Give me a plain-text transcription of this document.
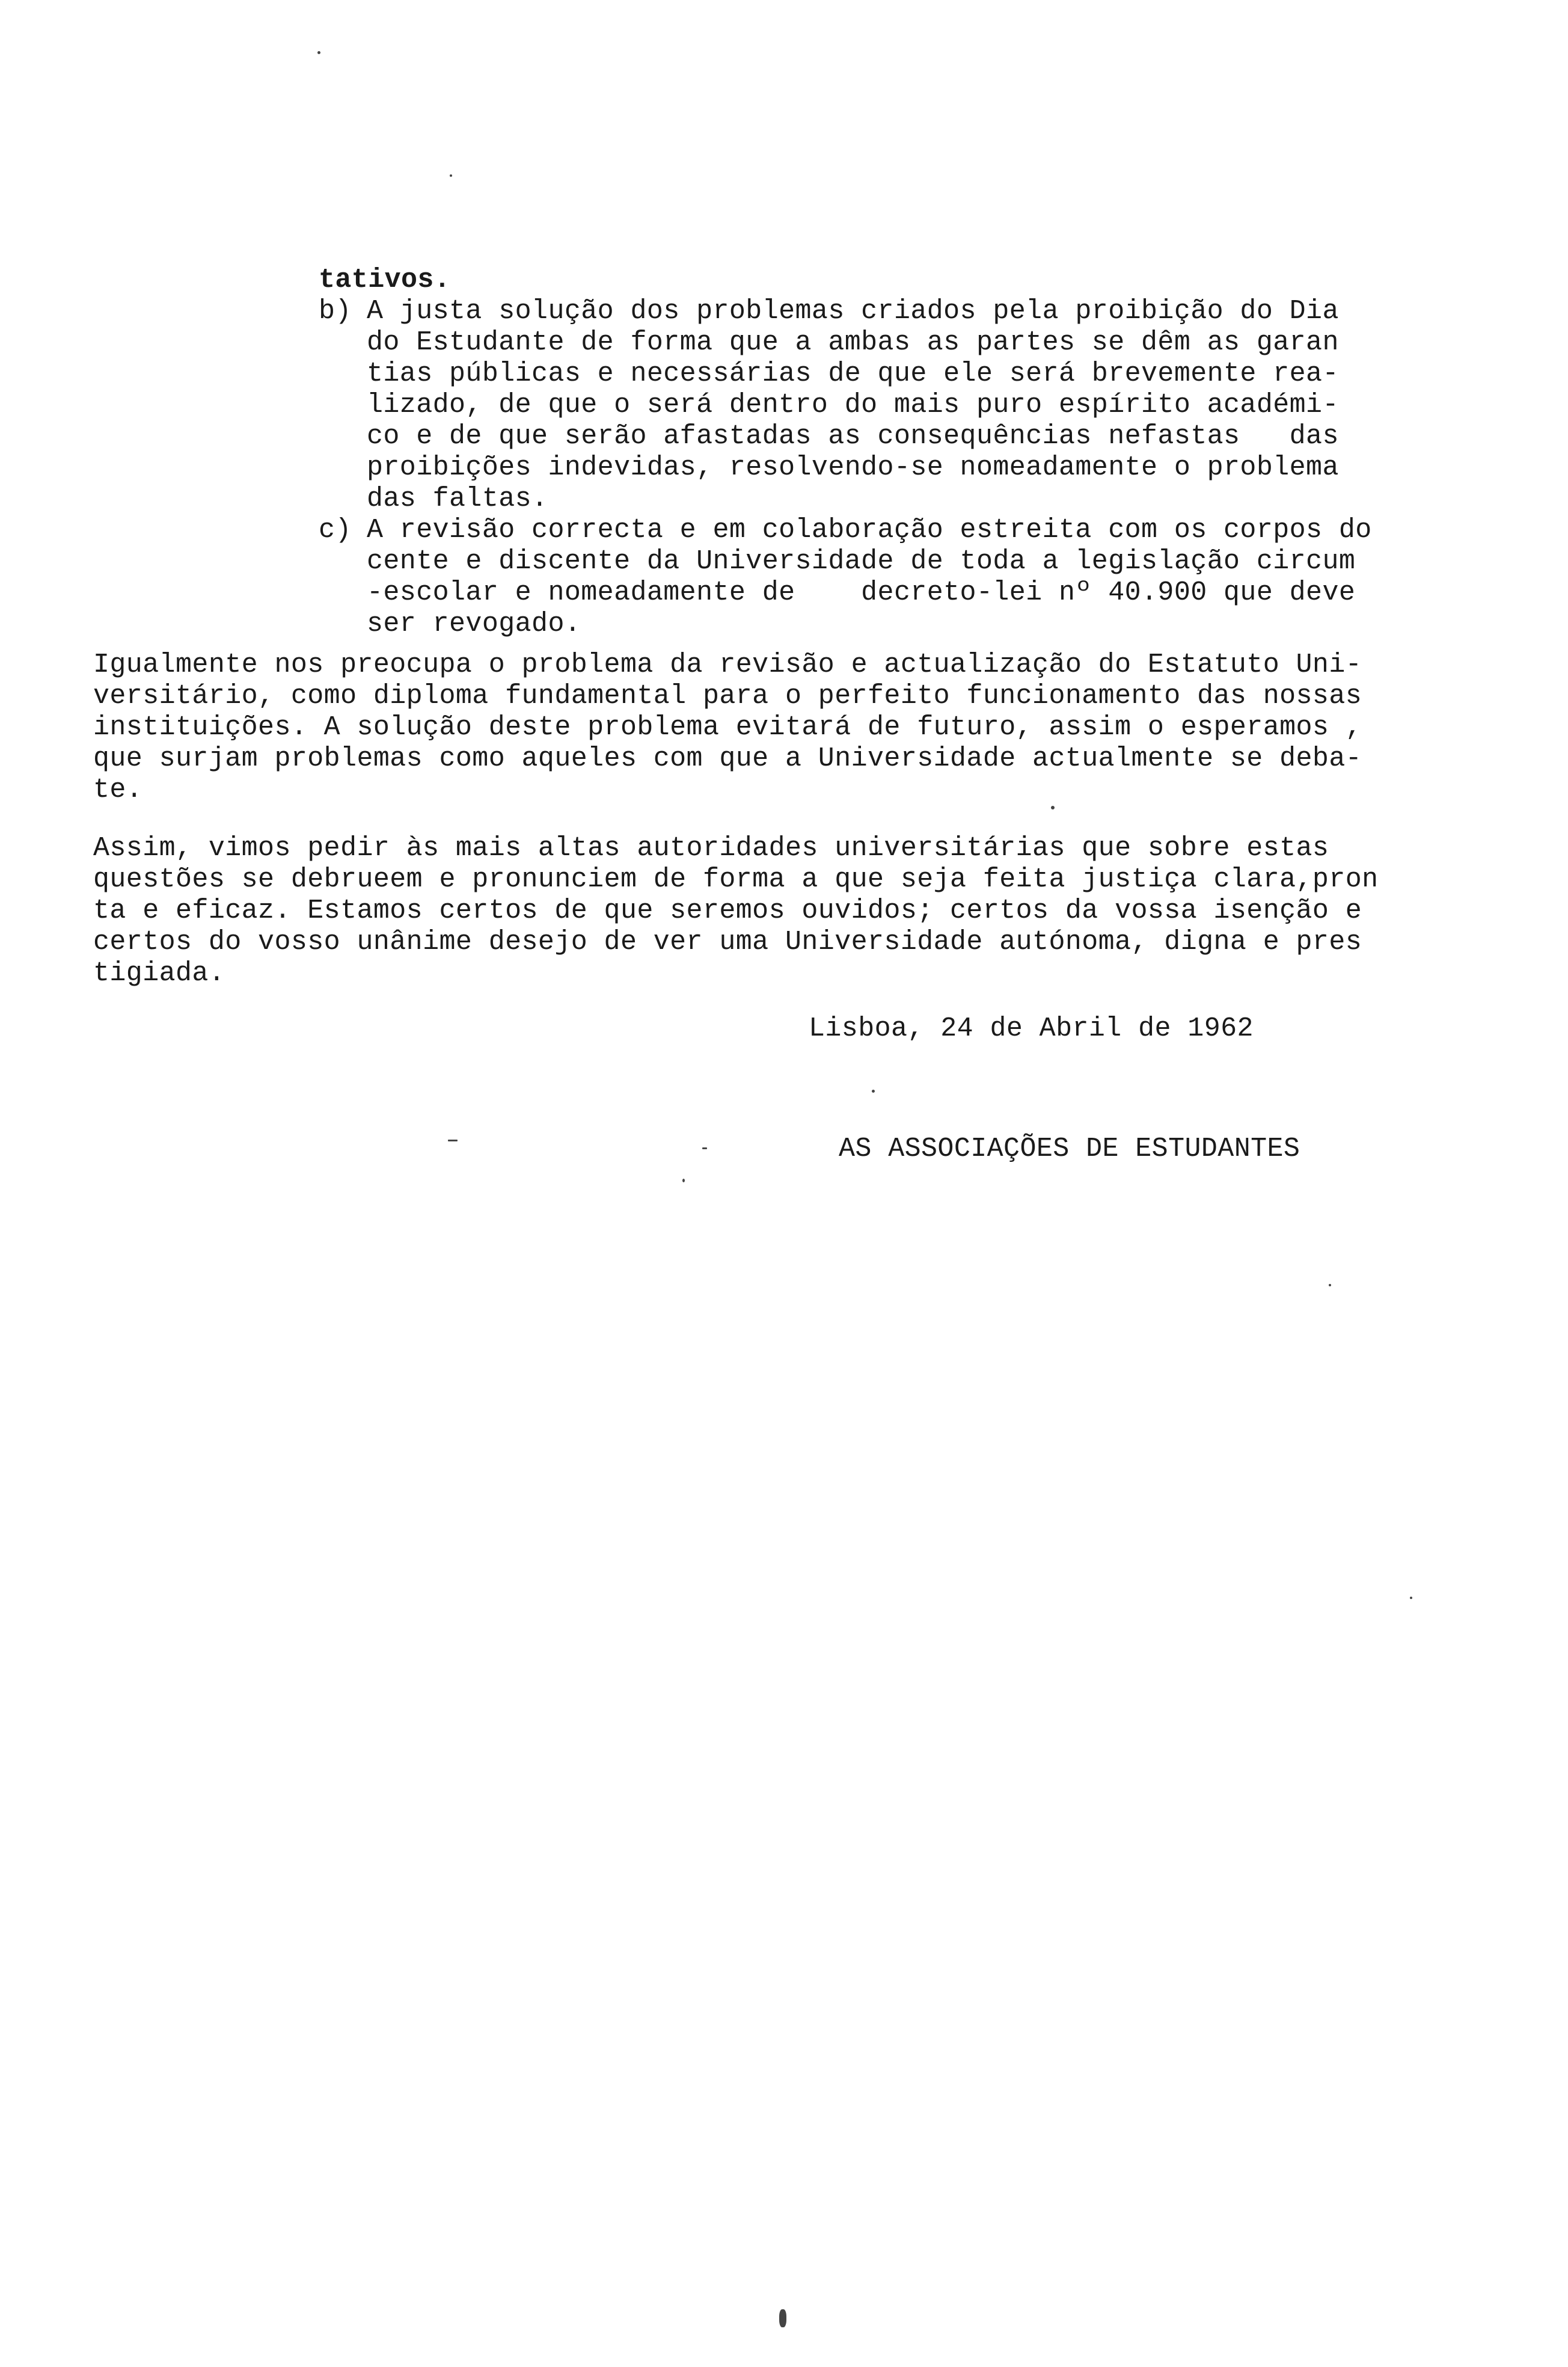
tativos.
b) A justa solução dos problemas criados pela proibição do Dia
do Estudante de forma que a ambas as partes se dêm as garan
tias públicas e necessárias de que ele será brevemente rea-
lizado, de que o será dentro do mais puro espírito académi-
co e de que serão afastadas as consequências nefastas   das
proibições indevidas, resolvendo-se nomeadamente o problema
das faltas.
c) A revisão correcta e em colaboração estreita com os corpos do
cente e discente da Universidade de toda a legislação circum
-escolar e nomeadamente de    decreto-lei nº 40.900 que deve
ser revogado.
Igualmente nos preocupa o problema da revisão e actualização do Estatuto Uni-
versitário, como diploma fundamental para o perfeito funcionamento das nossas
instituições. A solução deste problema evitará de futuro, assim o esperamos ,
que surjam problemas como aqueles com que a Universidade actualmente se deba-
te.
Assim, vimos pedir às mais altas autoridades universitárias que sobre estas
questões se debrueem e pronunciem de forma a que seja feita justiça clara,pron
ta e eficaz. Estamos certos de que seremos ouvidos; certos da vossa isenção e
certos do vosso unânime desejo de ver uma Universidade autónoma, digna e pres
tigiada.
Lisboa, 24 de Abril de 1962
AS ASSOCIAÇÕES DE ESTUDANTES
